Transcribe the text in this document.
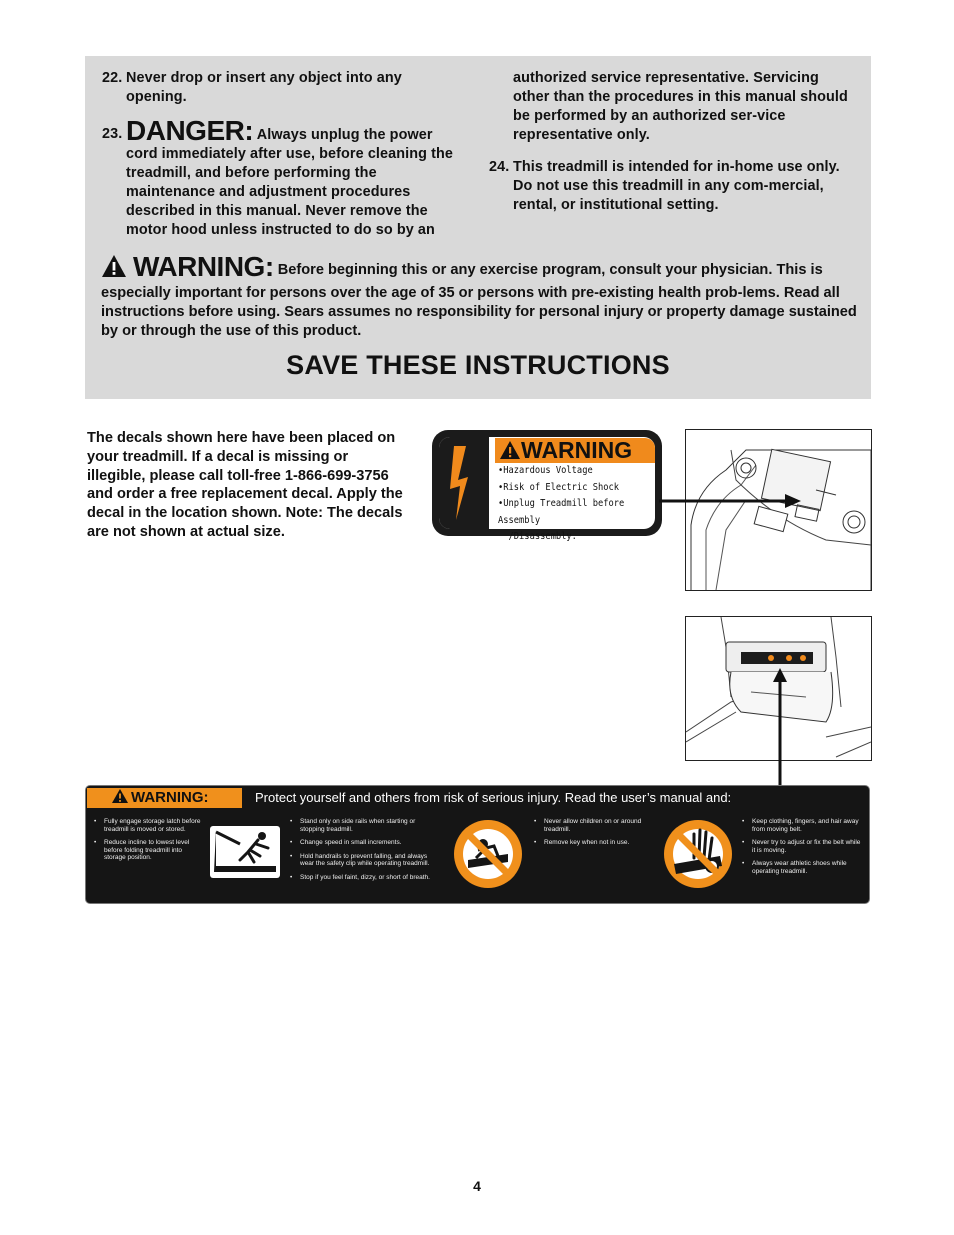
22. Never drop or insert any object into any opening.
23. DANGER: Always unplug the power cord immediately after use, before cleaning the treadmill, and before performing the maintenance and adjustment procedures described in this manual. Never remove the motor hood unless instructed to do so by an
authorized service representative. Servicing other than the procedures in this manual should be performed by an authorized ser-vice representative only.
24. This treadmill is intended for in-home use only. Do not use this treadmill in any com-mercial, rental, or institutional setting.
WARNING: Before beginning this or any exercise program, consult your physician. This is especially important for persons over the age of 35 or persons with pre-existing health prob-lems. Read all instructions before using. Sears assumes no responsibility for personal injury or property damage sustained by or through the use of this product.
SAVE THESE INSTRUCTIONS
The decals shown here have been placed on your treadmill. If a decal is missing or illegible, please call toll-free 1-866-699-3756 and order a free replacement decal. Apply the decal in the location shown. Note: The decals are not shown at actual size.
WARNING
•Hazardous Voltage
•Risk of Electric Shock
•Unplug Treadmill before Assembly
/Disassembly.
WARNING:	Protect yourself and others from risk of serious injury. Read the user’s manual and:
• Fully engage storage latch before treadmill is moved or stored.
• Reduce incline to lowest level before folding treadmill into storage position.
• Stand only on side rails when starting or stopping treadmill.
• Change speed in small increments.
• Hold handrails to prevent falling, and always wear the safety clip while operating treadmill.
• Stop if you feel faint, dizzy, or short of breath.
• Never allow children on or around treadmill.
• Remove key when not in use.
• Keep clothing, fingers, and hair away from moving belt.
• Never try to adjust or fix the belt while it is moving.
• Always wear athletic shoes while operating treadmill.
4
